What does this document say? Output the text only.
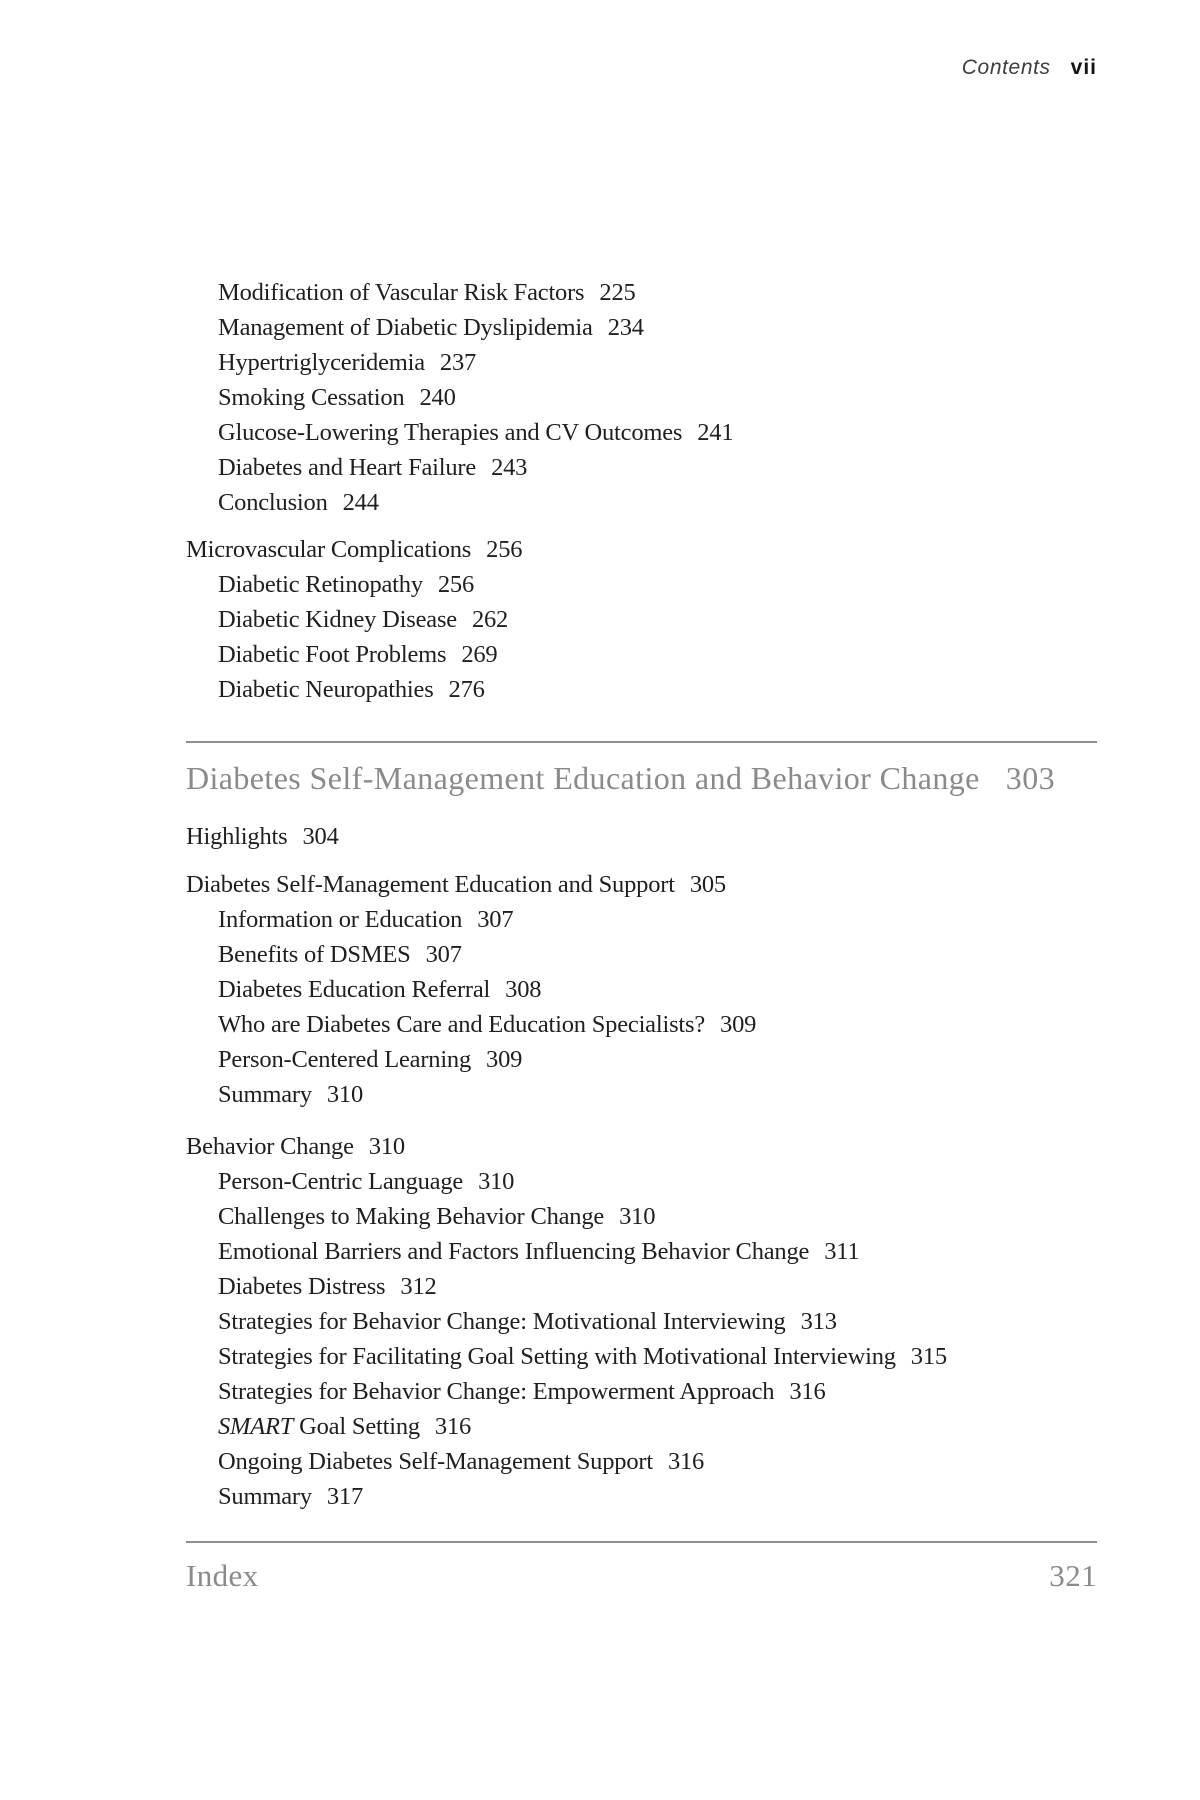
Contents vii
Modification of Vascular Risk Factors 225
Management of Diabetic Dyslipidemia 234
Hypertriglyceridemia 237
Smoking Cessation 240
Glucose-Lowering Therapies and CV Outcomes 241
Diabetes and Heart Failure 243
Conclusion 244
Microvascular Complications 256
Diabetic Retinopathy 256
Diabetic Kidney Disease 262
Diabetic Foot Problems 269
Diabetic Neuropathies 276
Diabetes Self-Management Education and Behavior Change 303
Highlights 304
Diabetes Self-Management Education and Support 305
Information or Education 307
Benefits of DSMES 307
Diabetes Education Referral 308
Who are Diabetes Care and Education Specialists? 309
Person-Centered Learning 309
Summary 310
Behavior Change 310
Person-Centric Language 310
Challenges to Making Behavior Change 310
Emotional Barriers and Factors Influencing Behavior Change 311
Diabetes Distress 312
Strategies for Behavior Change: Motivational Interviewing 313
Strategies for Facilitating Goal Setting with Motivational Interviewing 315
Strategies for Behavior Change: Empowerment Approach 316
SMART Goal Setting 316
Ongoing Diabetes Self-Management Support 316
Summary 317
Index	321
